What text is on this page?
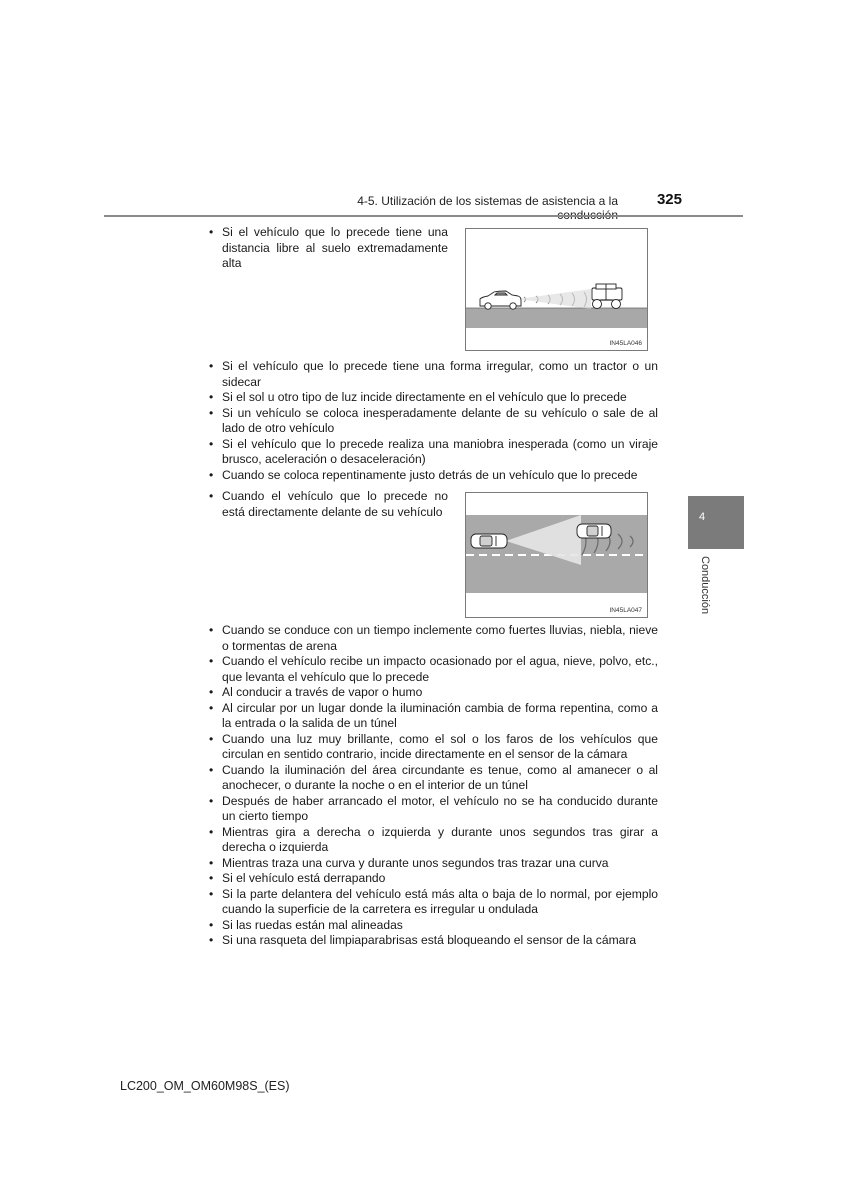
4-5. Utilización de los sistemas de asistencia a la	325
4
Conducción
• Si el vehículo que lo precede tiene una distancia libre al suelo extremadamente alta
IN45LA046
• Si el vehículo que lo precede tiene una forma irregular, como un tractor o un sidecar
• Si el sol u otro tipo de luz incide directamente en el vehículo que lo precede
• Si un vehículo se coloca inesperadamente delante de su vehículo o sale de al lado de otro vehículo
• Si el vehículo que lo precede realiza una maniobra inesperada (como un viraje brusco, aceleración o desaceleración)
• Cuando se coloca repentinamente justo detrás de un vehículo que lo precede
• Cuando el vehículo que lo precede no está directamente delante de su vehículo
IN45LA047
• Cuando se conduce con un tiempo inclemente como fuertes lluvias, niebla, nieve o tormentas de arena
• Cuando el vehículo recibe un impacto ocasionado por el agua, nieve, polvo, etc., que levanta el vehículo que lo precede
• Al conducir a través de vapor o humo
• Al circular por un lugar donde la iluminación cambia de forma repentina, como a la entrada o la salida de un túnel
• Cuando una luz muy brillante, como el sol o los faros de los vehículos que circulan en sentido contrario, incide directamente en el sensor de la cámara
• Cuando la iluminación del área circundante es tenue, como al amanecer o al anochecer, o durante la noche o en el interior de un túnel
• Después de haber arrancado el motor, el vehículo no se ha conducido durante un cierto tiempo
• Mientras gira a derecha o izquierda y durante unos segundos tras girar a derecha o izquierda
• Mientras traza una curva y durante unos segundos tras trazar una curva
• Si el vehículo está derrapando
• Si la parte delantera del vehículo está más alta o baja de lo normal, por ejemplo cuando la superficie de la carretera es irregular u ondulada
• Si las ruedas están mal alineadas
• Si una rasqueta del limpiaparabrisas está bloqueando el sensor de la cámara
LC200_OM_OM60M98S_(ES)
